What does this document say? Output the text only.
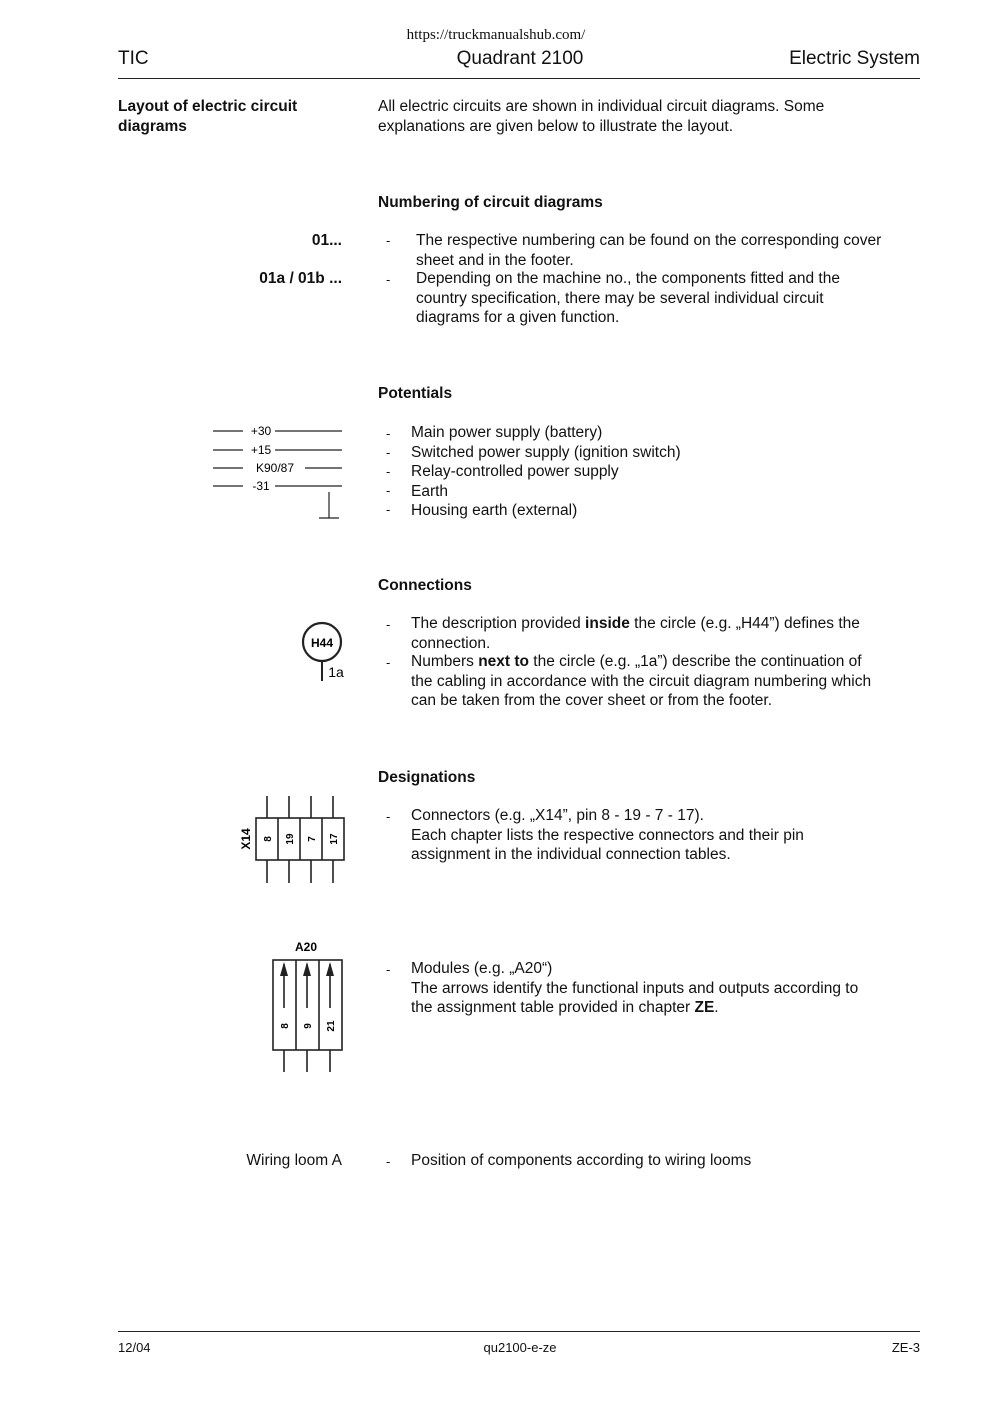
https://truckmanualshub.com/
TIC	Quadrant 2100	Electric System
Layout of electric circuit
diagrams
All electric circuits are shown in individual circuit diagrams. Some
explanations are given below to illustrate the layout.
Numbering of circuit diagrams
01...	- The respective numbering can be found on the corresponding cover
sheet and in the footer.
01a / 01b ...	- Depending on the machine no., the components fitted and the
country specification, there may be several individual circuit
diagrams for a given function.
Potentials
+30
+15
K90/87
-31
-
-
-
-
-
Main power supply (battery)
Switched power supply (ignition switch)
Relay-controlled power supply
Earth
Housing earth (external)
Connections
H44
1a
- The description provided inside the circle (e.g. „H44”) defines the
connection.
- Numbers next to the circle (e.g. „1a”) describe the continuation of
the cabling in accordance with the circuit diagram numbering which
can be taken from the cover sheet or from the footer.
Designations
X14 8 19 7 17
- Connectors (e.g. „X14”, pin 8 - 19 - 7 - 17).
Each chapter lists the respective connectors and their pin
assignment in the individual connection tables.
A20
8 9 21
- Modules (e.g. „A20“)
The arrows identify the functional inputs and outputs according to
the assignment table provided in chapter ZE.
Wiring loom A	- Position of components according to wiring looms
12/04	qu2100-e-ze	ZE-3
